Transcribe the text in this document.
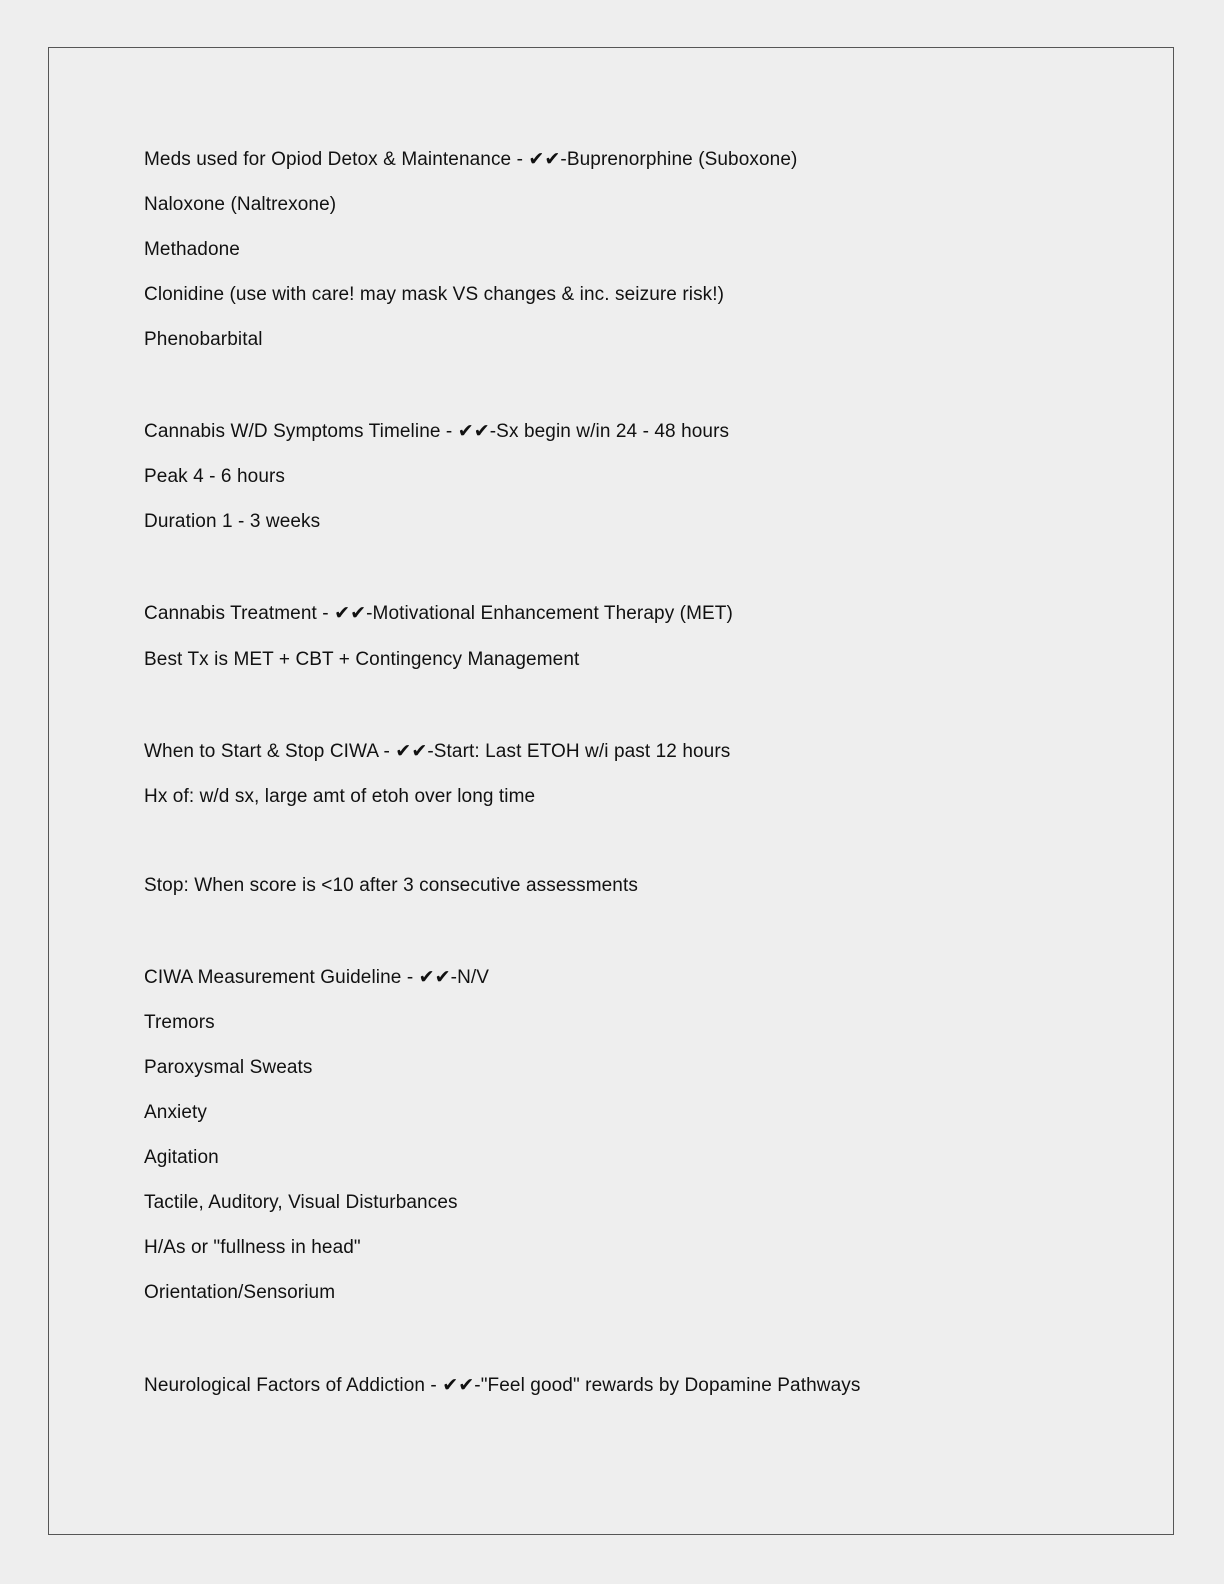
Meds used for Opiod Detox & Maintenance - ✔✔-Buprenorphine (Suboxone)
Naloxone (Naltrexone)
Methadone
Clonidine (use with care! may mask VS changes & inc. seizure risk!)
Phenobarbital
Cannabis W/D Symptoms Timeline - ✔✔-Sx begin w/in 24 - 48 hours
Peak 4 - 6 hours
Duration 1 - 3 weeks
Cannabis Treatment - ✔✔-Motivational Enhancement Therapy (MET)
Best Tx is MET + CBT + Contingency Management
When to Start & Stop CIWA - ✔✔-Start: Last ETOH w/i past 12 hours
Hx of: w/d sx, large amt of etoh over long time
Stop: When score is <10 after 3 consecutive assessments
CIWA Measurement Guideline - ✔✔-N/V
Tremors
Paroxysmal Sweats
Anxiety
Agitation
Tactile, Auditory, Visual Disturbances
H/As or "fullness in head"
Orientation/Sensorium
Neurological Factors of Addiction - ✔✔-"Feel good" rewards by Dopamine Pathways
